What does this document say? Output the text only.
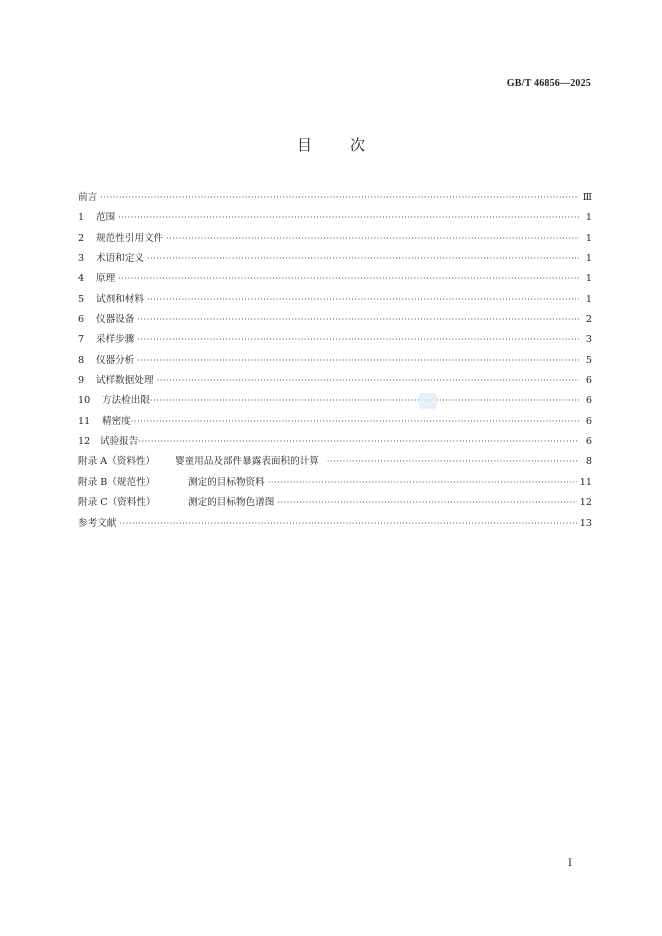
GB/T 46856—2025
目	次
前言 ·····	Ⅲ
1	范围 ·····	1
2	规范性引用文件 ·····	1
3	术语和定义 ·····	1
4	原理 ·····	1
5	试剂和材料 ·····	1
6	仪器设备 ·····	2
7	采样步骤 ·····	3
8	仪器分析 ·····	5
9	试样数据处理 ·····	6
10	方法检出限 ·····	6
11	精密度 ·····	6
12	试验报告 ·····	6
附录 A（资料性）	婴童用品及部件暴露表面积的计算 ·····	8
附录 B（规范性）	测定的目标物资料 ·····	11
附录 C（资料性）	测定的目标物色谱图 ·····	12
参考文献 ·····	13
I
